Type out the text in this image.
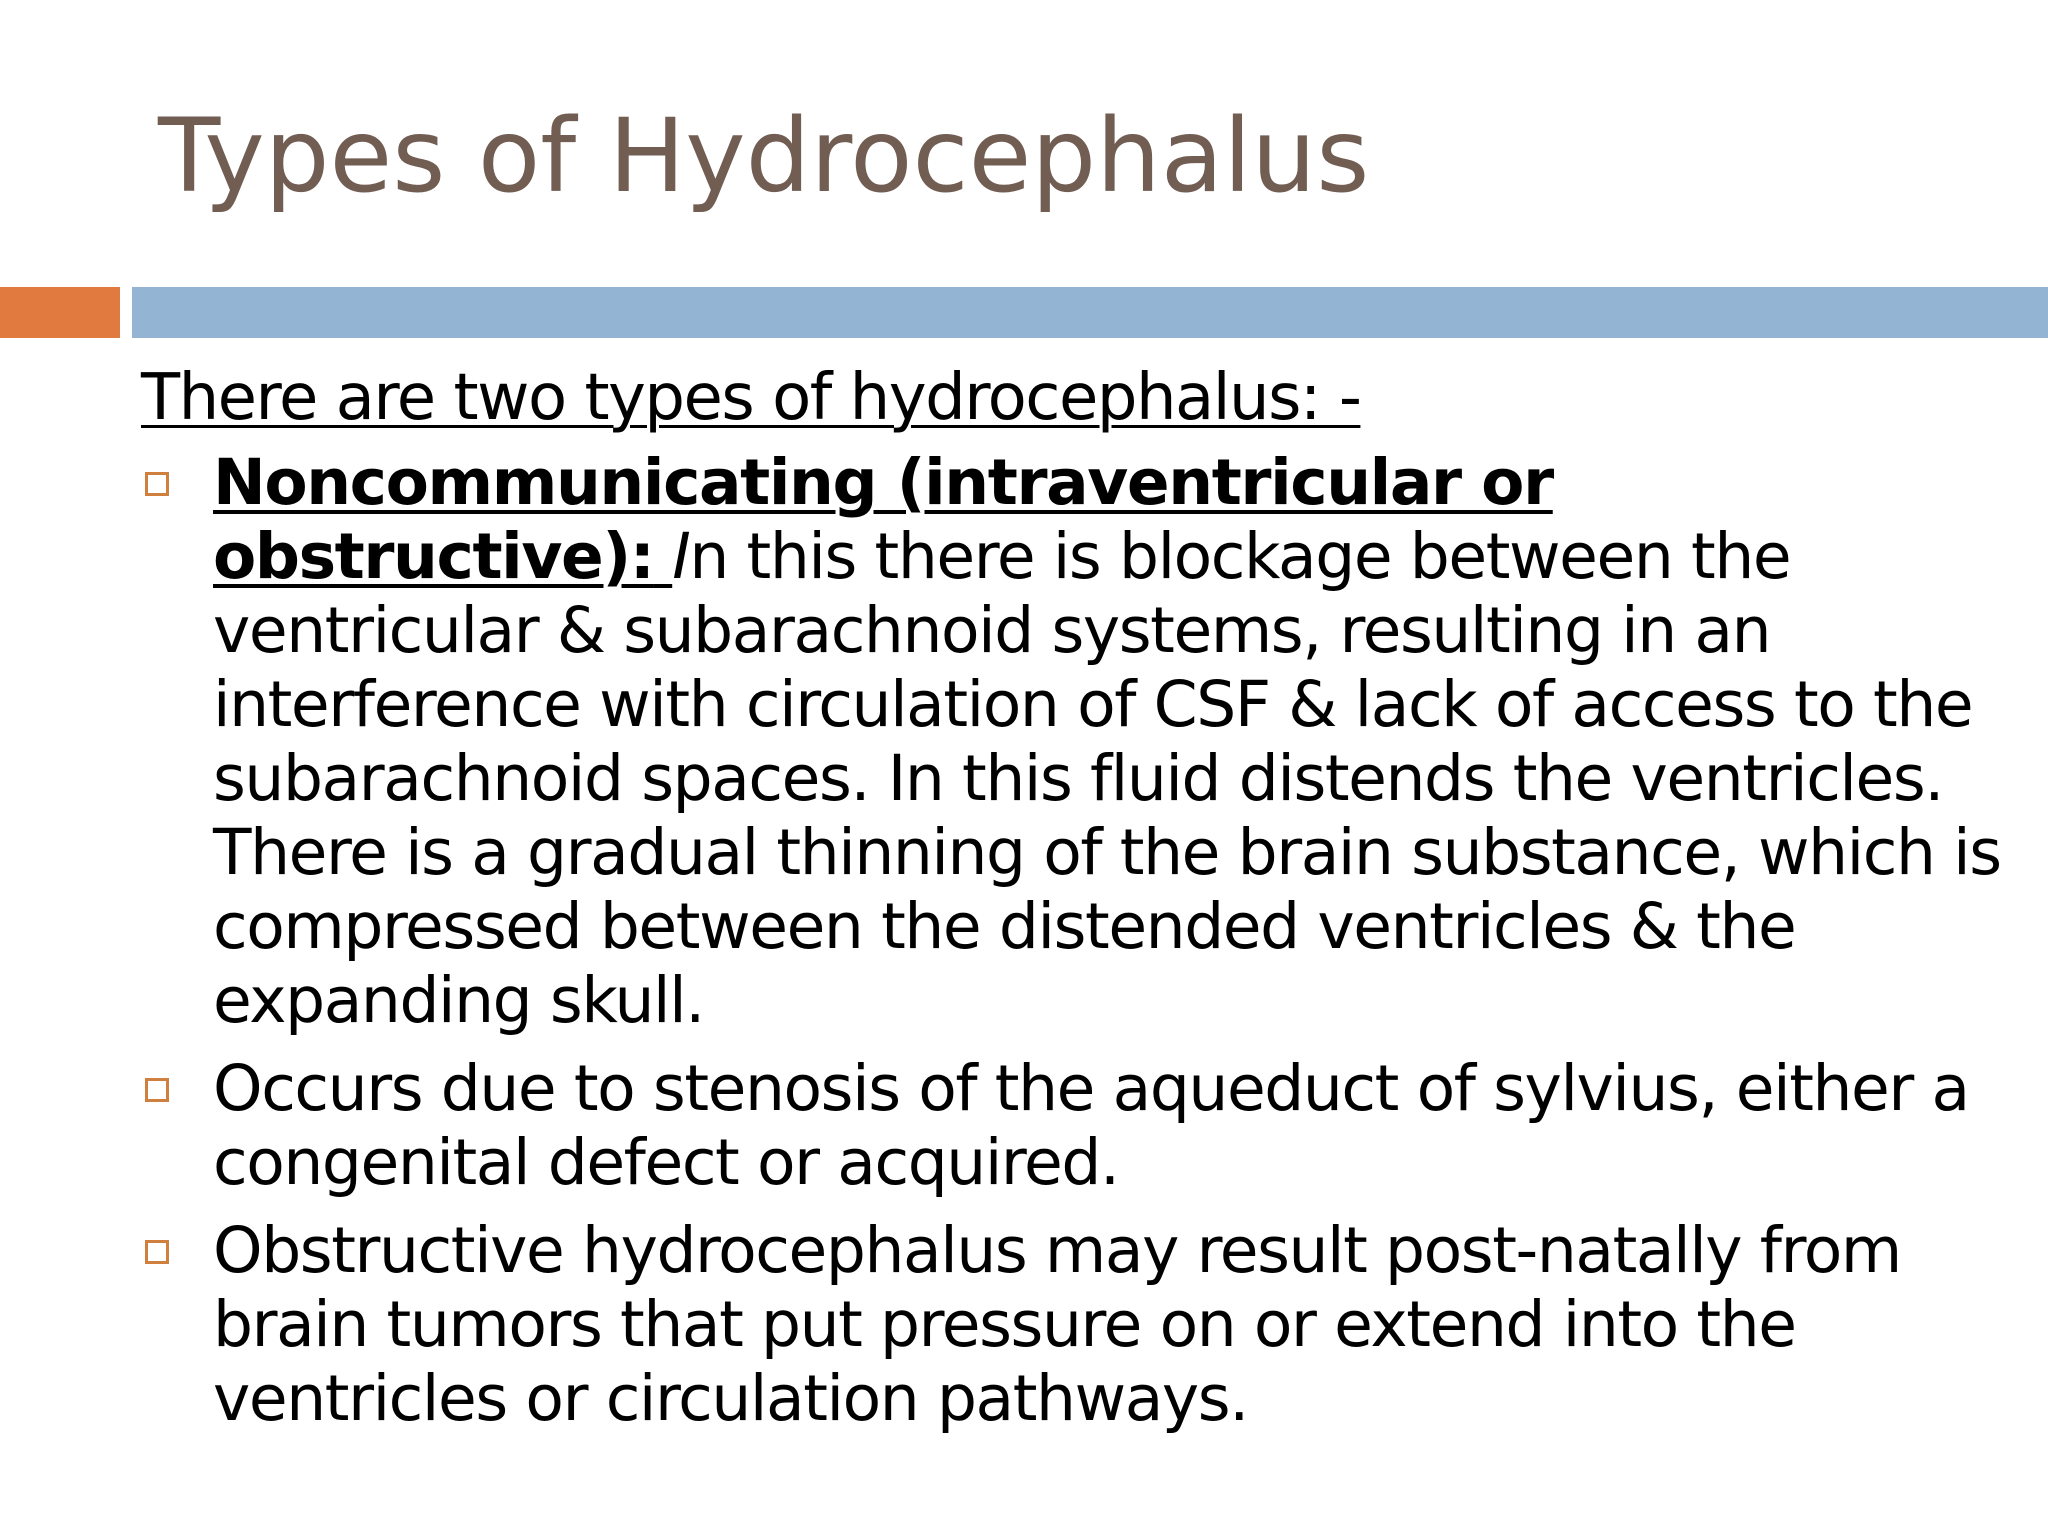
Types of Hydrocephalus

There are two types of hydrocephalus: -

Noncommunicating (intraventricular or obstructive): In this there is blockage between the ventricular & subarachnoid systems, resulting in an interference with circulation of CSF & lack of access to the subarachnoid spaces. In this fluid distends the ventricles. There is a gradual thinning of the brain substance, which is compressed between the distended ventricles & the expanding skull.
Occurs due to stenosis of the aqueduct of sylvius, either a congenital defect or acquired.
Obstructive hydrocephalus may result post-natally from brain tumors that put pressure on or extend into the ventricles or circulation pathways.
